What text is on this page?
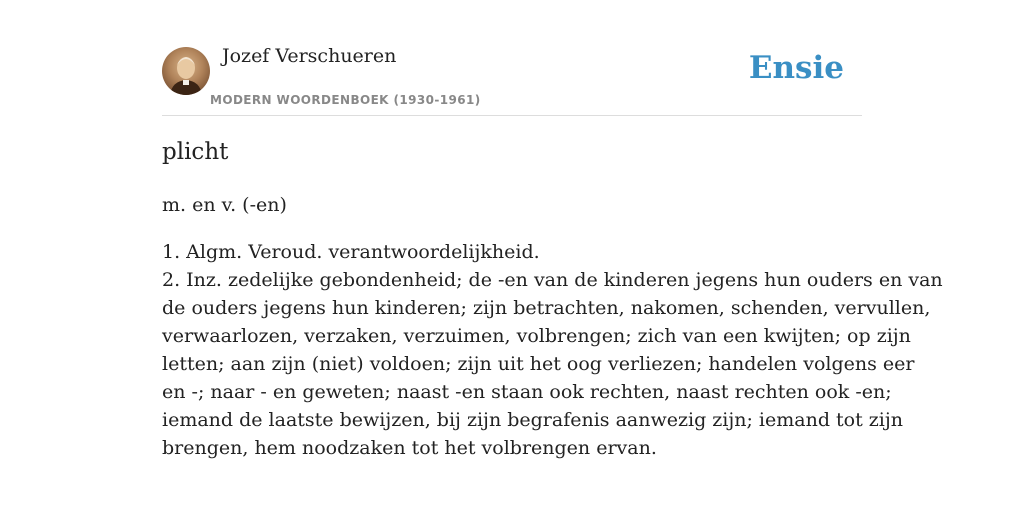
Jozef Verschueren
MODERN WOORDENBOEK (1930-1961)
Ensie
plicht
m. en v. (-en)
1. Algm. Veroud. verantwoordelijkheid.
2. Inz. zedelijke gebondenheid; de -en van de kinderen jegens hun ouders en van
de ouders jegens hun kinderen; zijn betrachten, nakomen, schenden, vervullen,
verwaarlozen, verzaken, verzuimen, volbrengen; zich van een kwijten; op zijn
letten; aan zijn (niet) voldoen; zijn uit het oog verliezen; handelen volgens eer
en -; naar - en geweten; naast -en staan ook rechten, naast rechten ook -en;
iemand de laatste bewijzen, bij zijn begrafenis aanwezig zijn; iemand tot zijn
brengen, hem noodzaken tot het volbrengen ervan.
